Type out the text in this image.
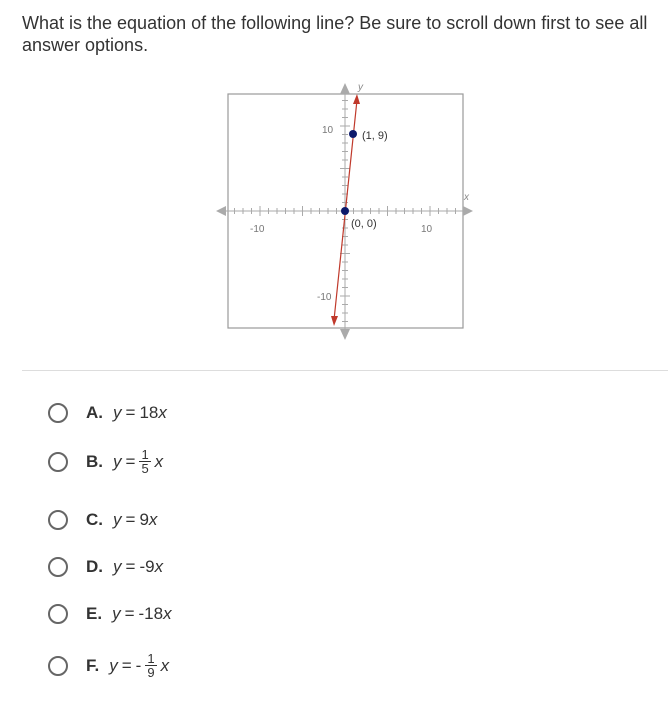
What is the equation of the following line? Be sure to scroll down first to see all answer options.
y
x
-10	10
10
-10
(1, 9)
(0, 0)
A. y = 18 x
B. $y = \frac{1}{5}$ x
C. y = 9 x
D. y = -9 x
E. y = -18 x
F. y = - $\frac{1}{9}$ x
